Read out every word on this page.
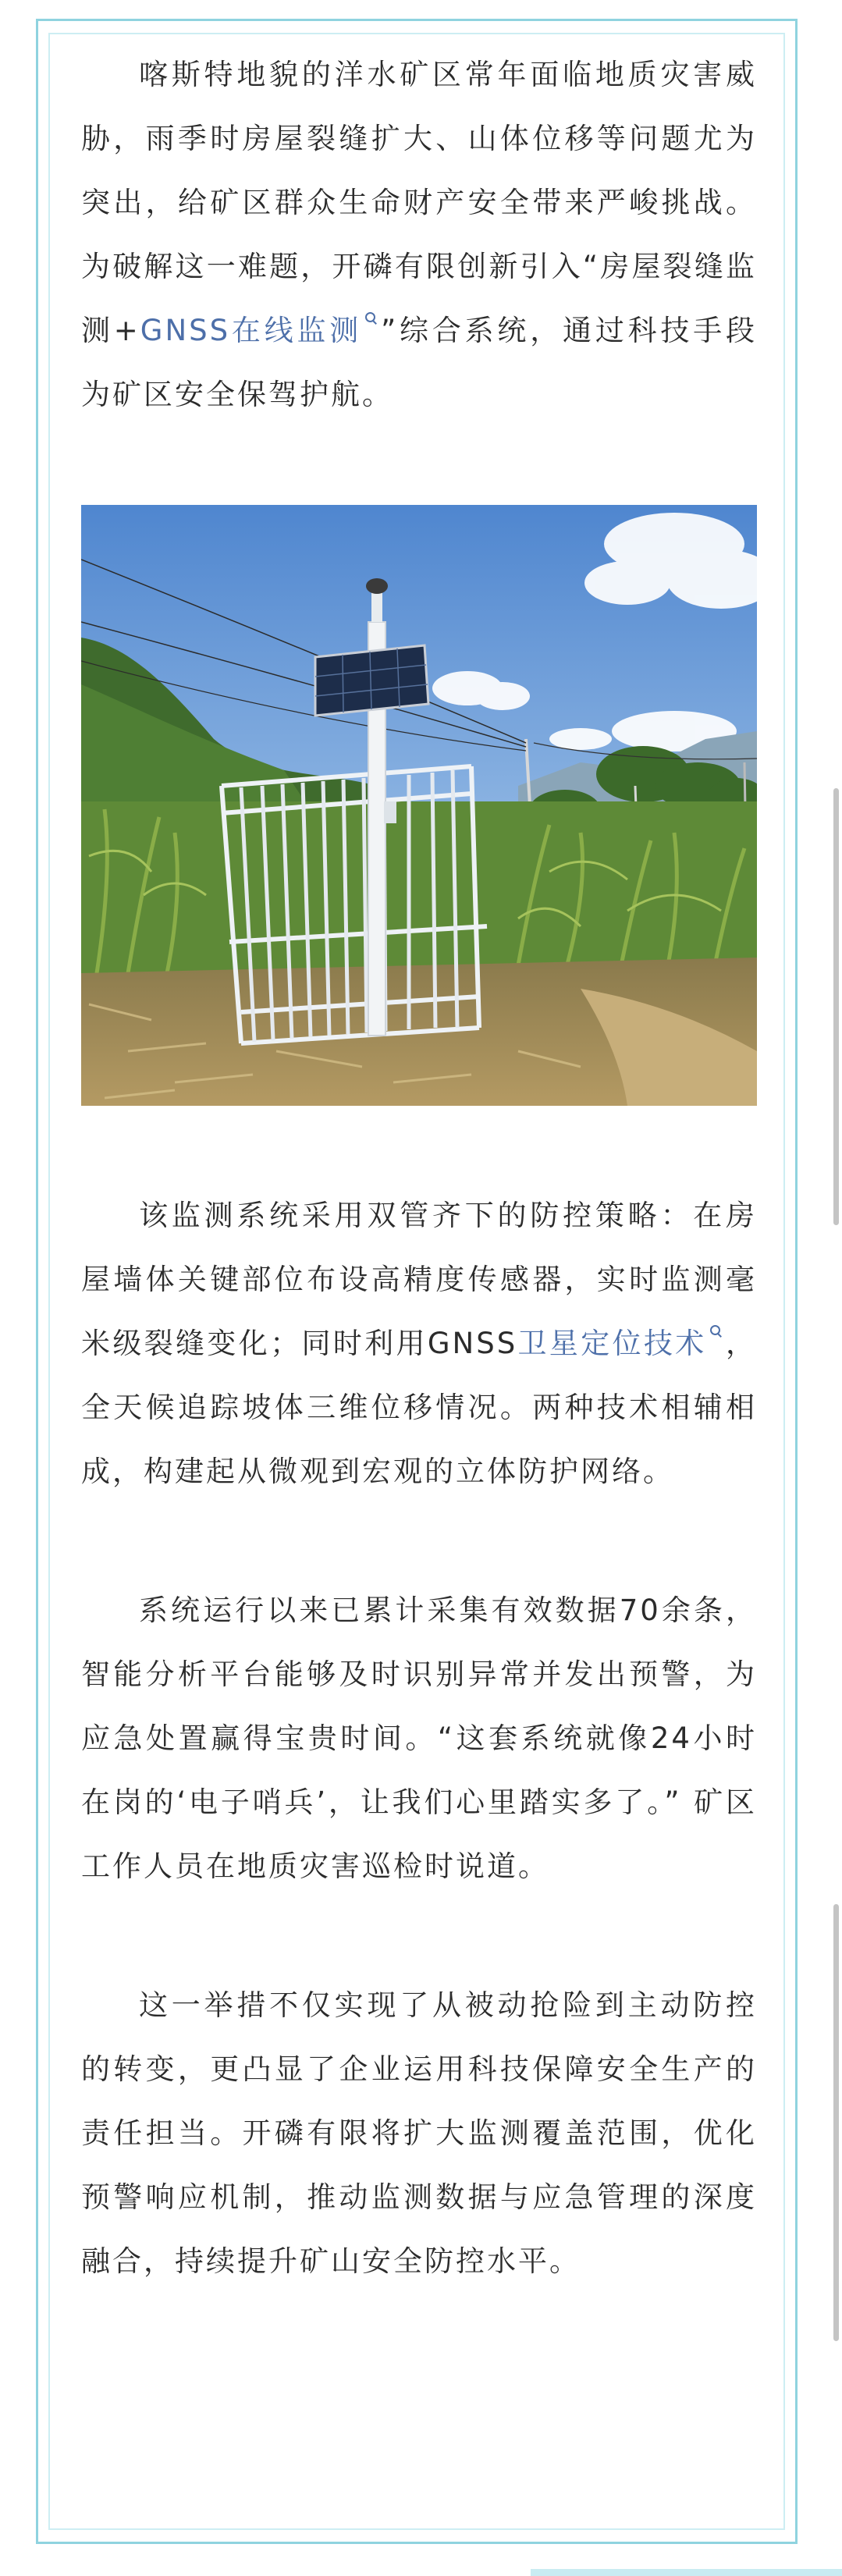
喀斯特地貌的洋水矿区常年面临地质灾害威胁，雨季时房屋裂缝扩大、山体位移等问题尤为突出，给矿区群众生命财产安全带来严峻挑战。为破解这一难题，开磷有限创新引入“房屋裂缝监测+GNSS在线监测 ”综合系统，通过科技手段为矿区安全保驾护航。

该监测系统采用双管齐下的防控策略：在房屋墙体关键部位布设高精度传感器，实时监测毫米级裂缝变化；同时利用GNSS卫星定位技术 ，全天候追踪坡体三维位移情况。两种技术相辅相成，构建起从微观到宏观的立体防护网络。

系统运行以来已累计采集有效数据70余条，智能分析平台能够及时识别异常并发出预警，为应急处置赢得宝贵时间。“这套系统就像24小时在岗的‘电子哨兵’，让我们心里踏实多了。” 矿区工作人员在地质灾害巡检时说道。

这一举措不仅实现了从被动抢险到主动防控的转变，更凸显了企业运用科技保障安全生产的责任担当。开磷有限将扩大监测覆盖范围，优化预警响应机制，推动监测数据与应急管理的深度融合，持续提升矿山安全防控水平。
